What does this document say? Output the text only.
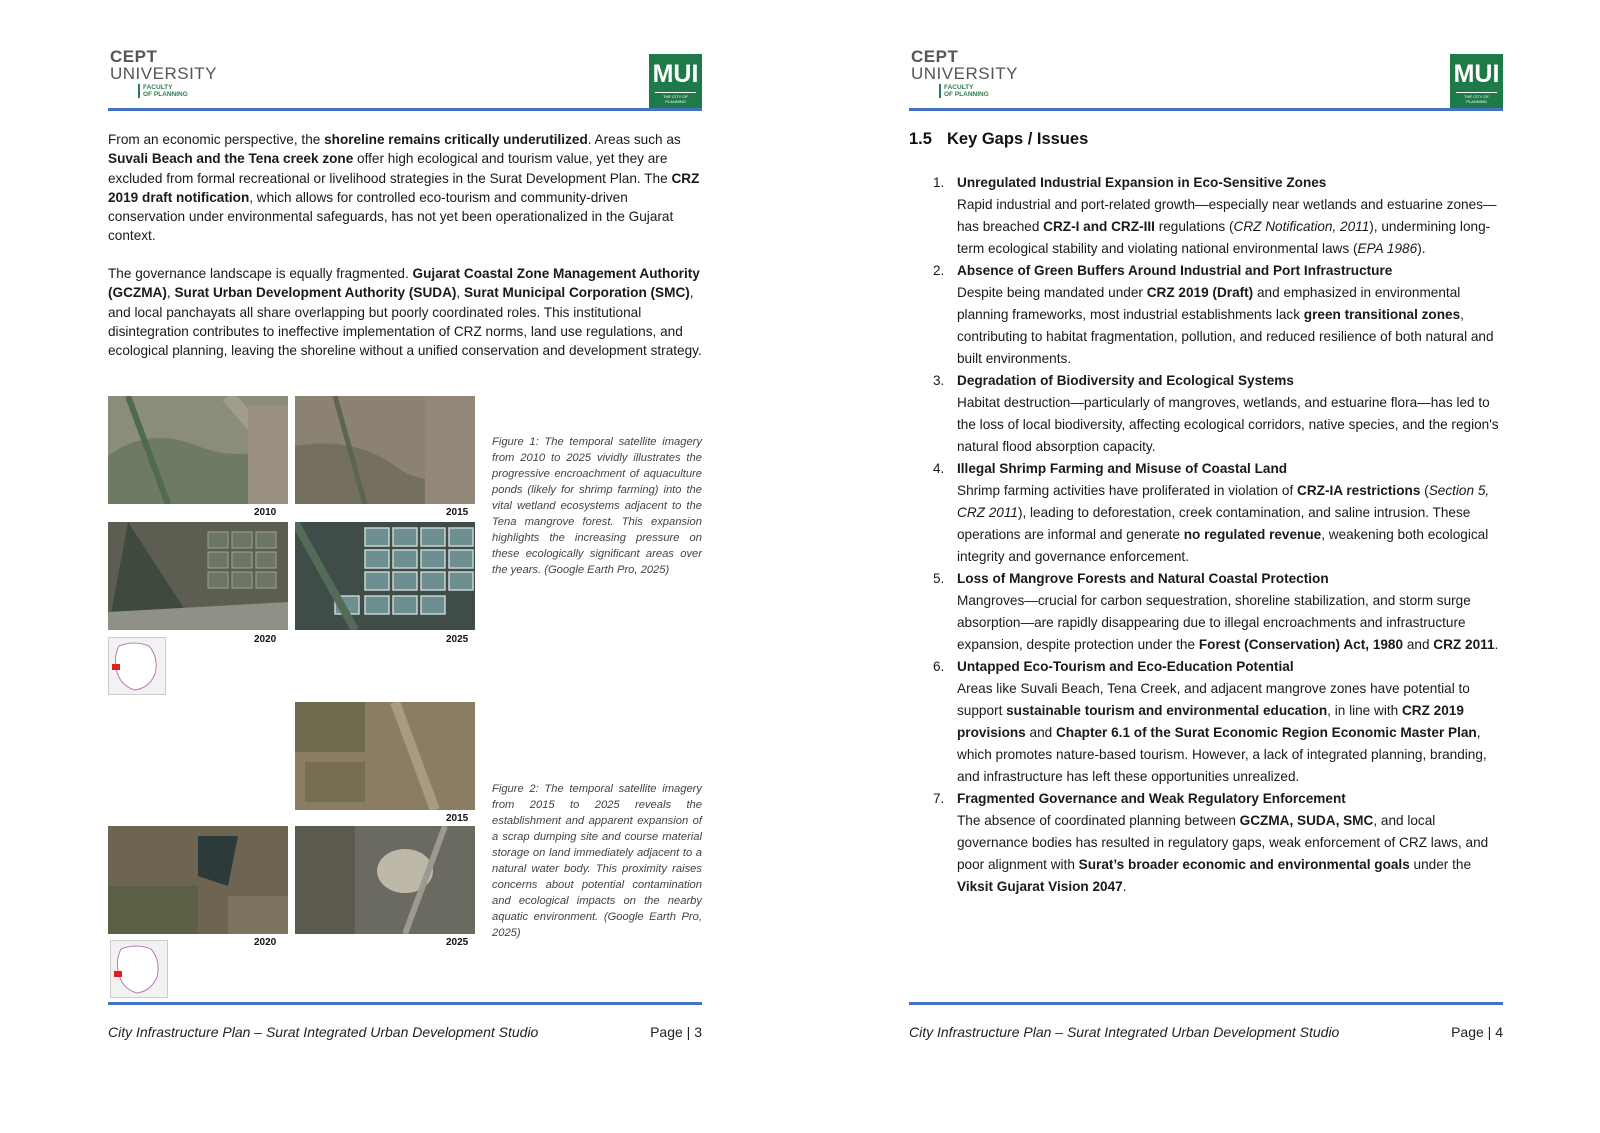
CEPT
UNIVERSITY
FACULTY
OF PLANNING
MUI
THE CITY OF PLANNING

From an economic perspective, the shoreline remains critically underutilized. Areas such as Suvali Beach and the Tena creek zone offer high ecological and tourism value, yet they are excluded from formal recreational or livelihood strategies in the Surat Development Plan. The CRZ 2019 draft notification, which allows for controlled eco-tourism and community-driven conservation under environmental safeguards, has not yet been operationalized in the Gujarat context.

The governance landscape is equally fragmented. Gujarat Coastal Zone Management Authority (GCZMA), Surat Urban Development Authority (SUDA), Surat Municipal Corporation (SMC), and local panchayats all share overlapping but poorly coordinated roles. This institutional disintegration contributes to ineffective implementation of CRZ norms, land use regulations, and ecological planning, leaving the shoreline without a unified conservation and development strategy.

2010	2015
2020	2025

Figure 1: The temporal satellite imagery from 2010 to 2025 vividly illustrates the progressive encroachment of aquaculture ponds (likely for shrimp farming) into the vital wetland ecosystems adjacent to the Tena mangrove forest. This expansion highlights the increasing pressure on these ecologically significant areas over the years. (Google Earth Pro, 2025)

2015
2020	2025

Figure 2: The temporal satellite imagery from 2015 to 2025 reveals the establishment and apparent expansion of a scrap dumping site and course material storage on land immediately adjacent to a natural water body. This proximity raises concerns about potential contamination and ecological impacts on the nearby aquatic environment. (Google Earth Pro, 2025)

City Infrastructure Plan – Surat Integrated Urban Development Studio	Page | 3
CEPT
UNIVERSITY
FACULTY
OF PLANNING
MUI
THE CITY OF PLANNING
1.5 Key Gaps / Issues
1. Unregulated Industrial Expansion in Eco-Sensitive Zones
Rapid industrial and port-related growth—especially near wetlands and estuarine zones—has breached CRZ-I and CRZ-III regulations (CRZ Notification, 2011), undermining long-term ecological stability and violating national environmental laws (EPA 1986).
2. Absence of Green Buffers Around Industrial and Port Infrastructure
Despite being mandated under CRZ 2019 (Draft) and emphasized in environmental planning frameworks, most industrial establishments lack green transitional zones, contributing to habitat fragmentation, pollution, and reduced resilience of both natural and built environments.
3. Degradation of Biodiversity and Ecological Systems
Habitat destruction—particularly of mangroves, wetlands, and estuarine flora—has led to the loss of local biodiversity, affecting ecological corridors, native species, and the region's natural flood absorption capacity.
4. Illegal Shrimp Farming and Misuse of Coastal Land
Shrimp farming activities have proliferated in violation of CRZ-IA restrictions (Section 5, CRZ 2011), leading to deforestation, creek contamination, and saline intrusion. These operations are informal and generate no regulated revenue, weakening both ecological integrity and governance enforcement.
5. Loss of Mangrove Forests and Natural Coastal Protection
Mangroves—crucial for carbon sequestration, shoreline stabilization, and storm surge absorption—are rapidly disappearing due to illegal encroachments and infrastructure expansion, despite protection under the Forest (Conservation) Act, 1980 and CRZ 2011.
6. Untapped Eco-Tourism and Eco-Education Potential
Areas like Suvali Beach, Tena Creek, and adjacent mangrove zones have potential to support sustainable tourism and environmental education, in line with CRZ 2019 provisions and Chapter 6.1 of the Surat Economic Region Economic Master Plan, which promotes nature-based tourism. However, a lack of integrated planning, branding, and infrastructure has left these opportunities unrealized.
7. Fragmented Governance and Weak Regulatory Enforcement
The absence of coordinated planning between GCZMA, SUDA, SMC, and local governance bodies has resulted in regulatory gaps, weak enforcement of CRZ laws, and poor alignment with Surat’s broader economic and environmental goals under the Viksit Gujarat Vision 2047.
City Infrastructure Plan – Surat Integrated Urban Development Studio	Page | 4
